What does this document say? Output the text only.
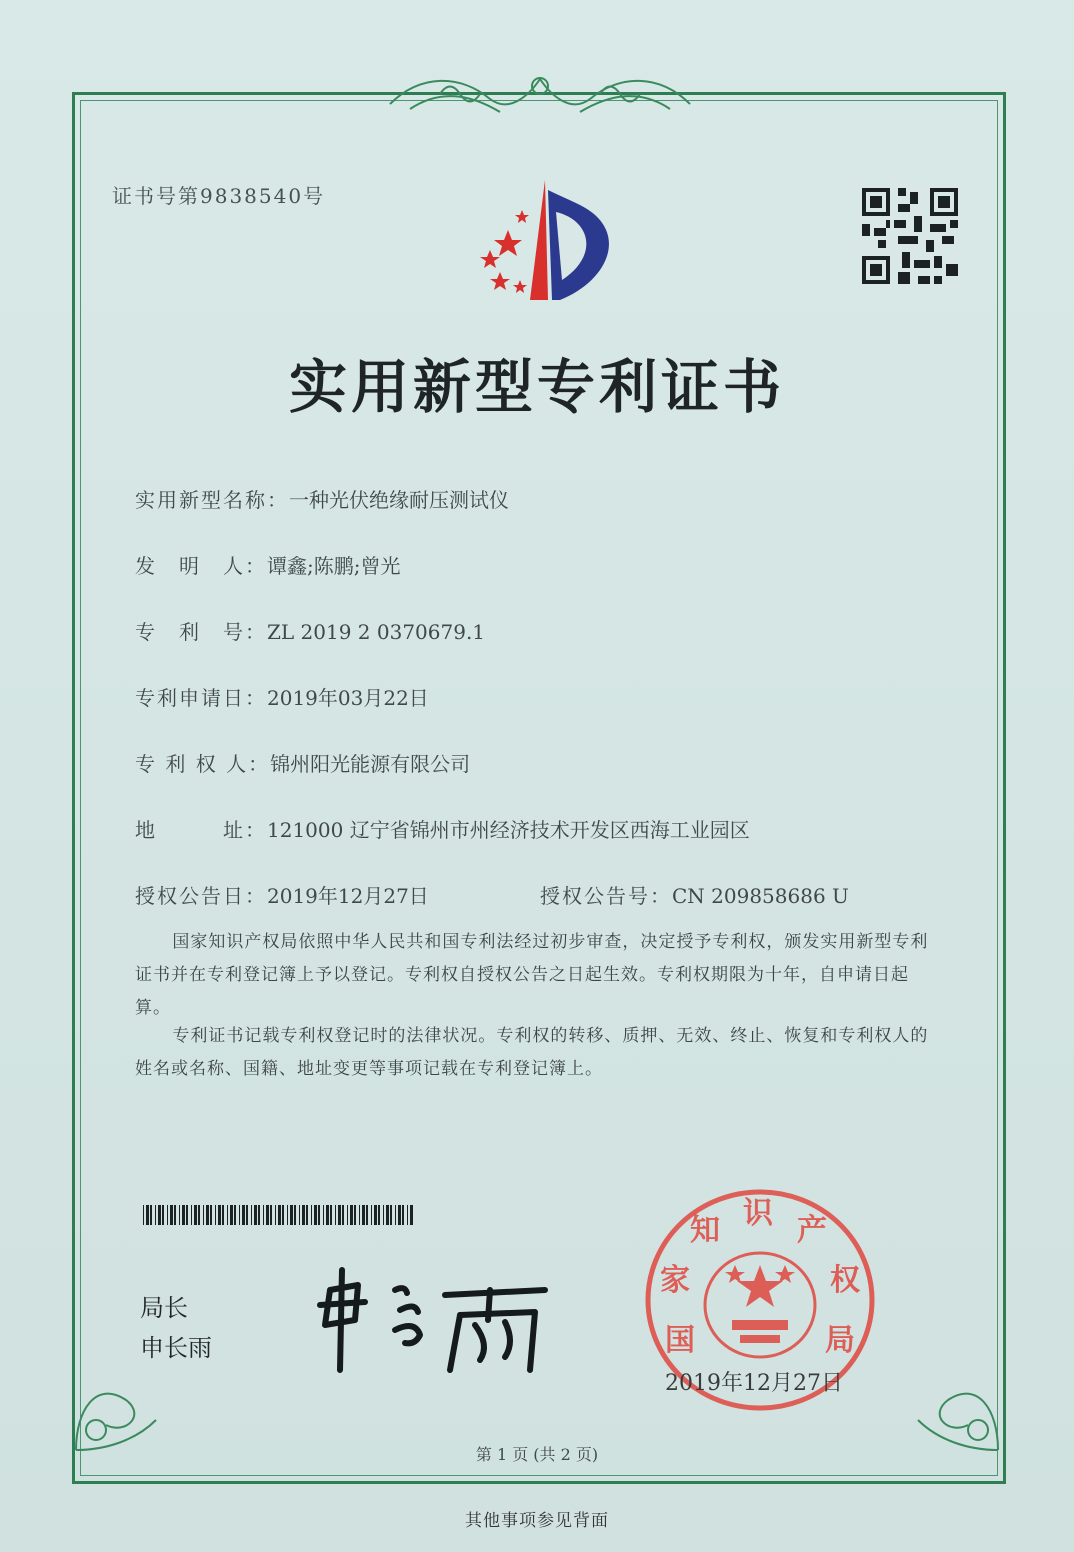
证书号第9838540号
实用新型专利证书
实用新型名称：一种光伏绝缘耐压测试仪
发　明　人：谭鑫;陈鹏;曾光
专　利　号：ZL 2019 2 0370679.1
专利申请日：2019年03月22日
专 利 权 人：锦州阳光能源有限公司
地　　　址：121000 辽宁省锦州市州经济技术开发区西海工业园区
授权公告日：2019年12月27日	授权公告号：CN 209858686 U
国家知识产权局依照中华人民共和国专利法经过初步审查，决定授予专利权，颁发实用新型专利证书并在专利登记簿上予以登记。专利权自授权公告之日起生效。专利权期限为十年，自申请日起算。
专利证书记载专利权登记时的法律状况。专利权的转移、质押、无效、终止、恢复和专利权人的姓名或名称、国籍、地址变更等事项记载在专利登记簿上。
局长
申长雨	国
家
知 识 产
权
局
2019年12月27日
第 1 页 (共 2 页)
其他事项参见背面
